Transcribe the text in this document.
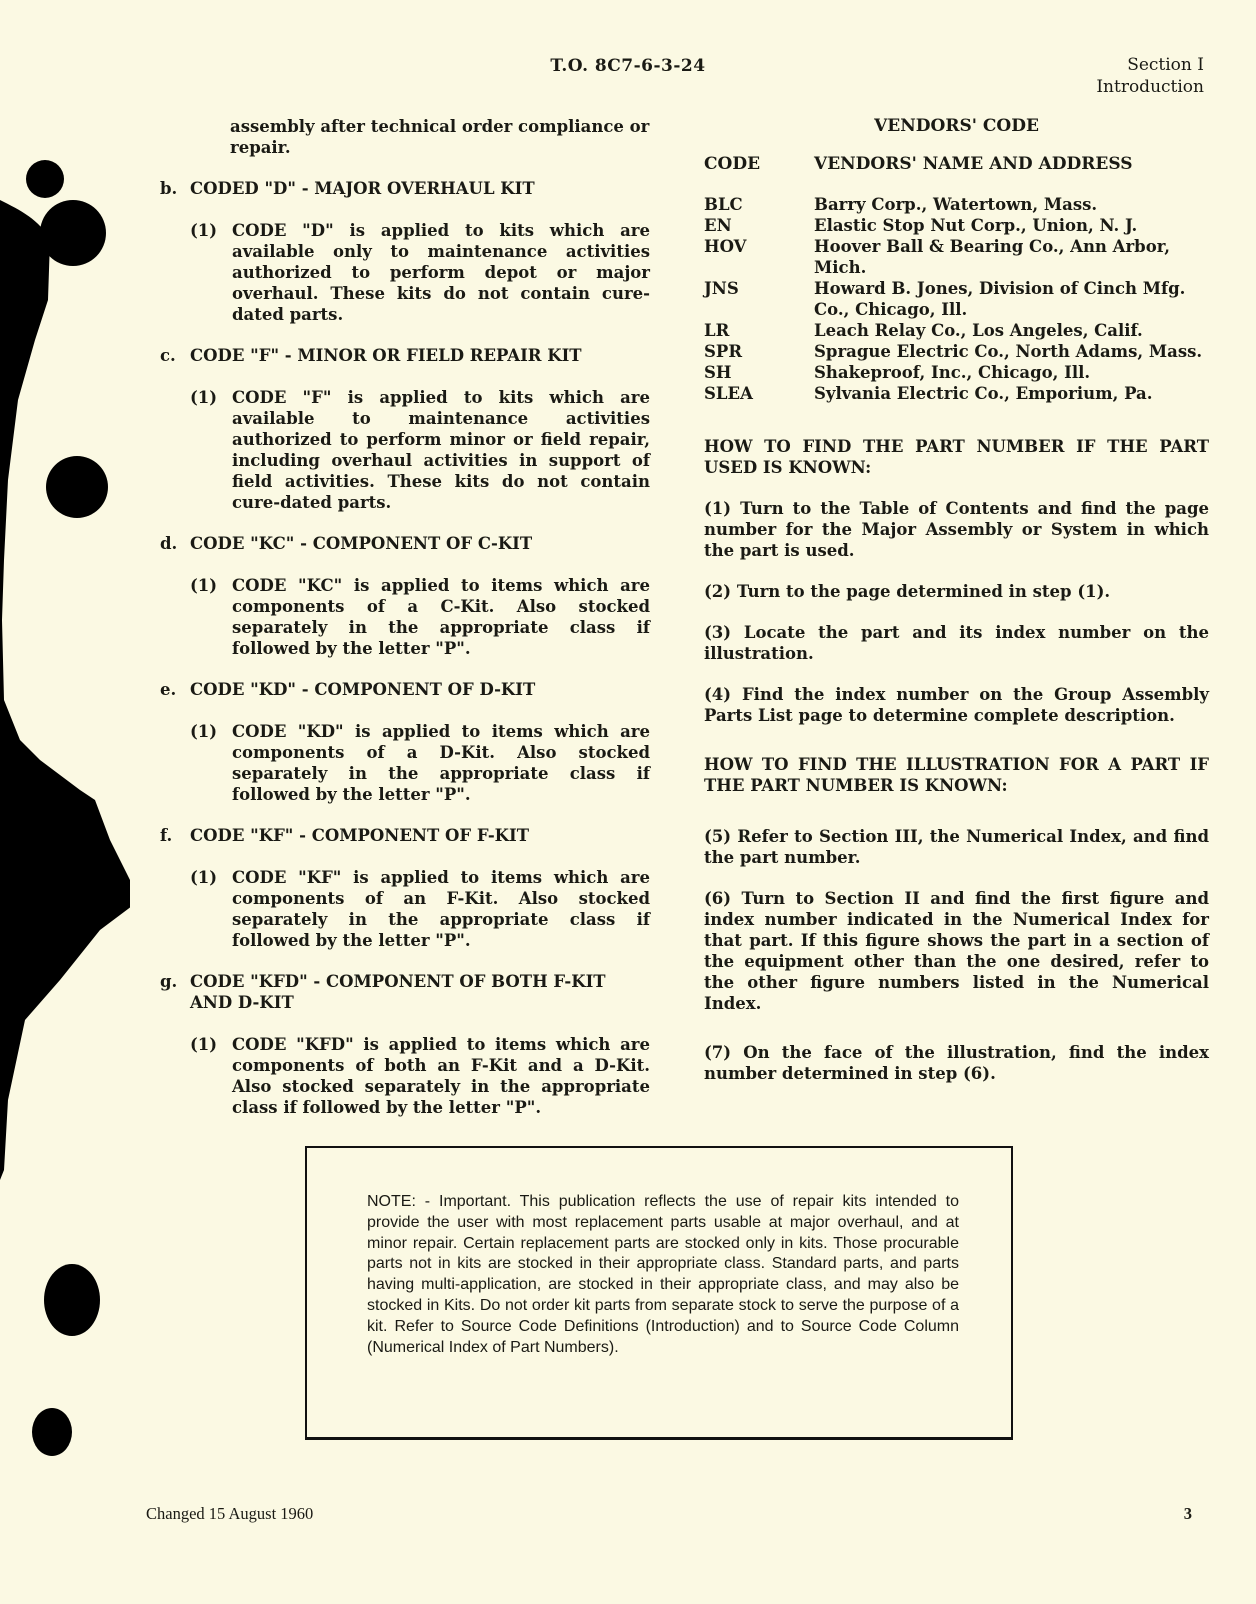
T.O. 8C7-6-3-24	Section I
Introduction
assembly after technical order compliance or repair.
b. CODED "D" - MAJOR OVERHAUL KIT
(1) CODE "D" is applied to kits which are available only to maintenance activities authorized to perform depot or major overhaul. These kits do not contain cure-dated parts.
c. CODE "F" - MINOR OR FIELD REPAIR KIT
(1) CODE "F" is applied to kits which are available to maintenance activities authorized to perform minor or field repair, including overhaul activities in support of field activities. These kits do not contain cure-dated parts.
d. CODE "KC" - COMPONENT OF C-KIT
(1) CODE "KC" is applied to items which are components of a C-Kit. Also stocked separately in the appropriate class if followed by the letter "P".
e. CODE "KD" - COMPONENT OF D-KIT
(1) CODE "KD" is applied to items which are components of a D-Kit. Also stocked separately in the appropriate class if followed by the letter "P".
f.	CODE "KF" - COMPONENT OF F-KIT
(1) CODE "KF" is applied to items which are components of an F-Kit. Also stocked separately in the appropriate class if followed by the letter "P".
g. CODE "KFD" - COMPONENT OF BOTH F-KIT AND D-KIT
(1) CODE "KFD" is applied to items which are components of both an F-Kit and a D-Kit. Also stocked separately in the appropriate class if followed by the letter "P".
VENDORS' CODE
CODE	VENDORS' NAME AND ADDRESS
BLC	Barry Corp., Watertown, Mass.
EN	Elastic Stop Nut Corp., Union, N. J.
HOV	Hoover Ball & Bearing Co., Ann Arbor, Mich.
JNS	Howard B. Jones, Division of Cinch Mfg. Co., Chicago, Ill.
LR	Leach Relay Co., Los Angeles, Calif.
SPR	Sprague Electric Co., North Adams, Mass.
SH	Shakeproof, Inc., Chicago, Ill.
SLEA	Sylvania Electric Co., Emporium, Pa.
HOW TO FIND THE PART NUMBER IF THE PART USED IS KNOWN:
(1) Turn to the Table of Contents and find the page number for the Major Assembly or System in which the part is used.
(2) Turn to the page determined in step (1).
(3) Locate the part and its index number on the illustration.
(4) Find the index number on the Group Assembly Parts List page to determine complete description.
HOW TO FIND THE ILLUSTRATION FOR A PART IF THE PART NUMBER IS KNOWN:
(5) Refer to Section III, the Numerical Index, and find the part number.
(6) Turn to Section II and find the first figure and index number indicated in the Numerical Index for that part. If this figure shows the part in a section of the equipment other than the one desired, refer to the other figure numbers listed in the Numerical Index.
(7) On the face of the illustration, find the index number determined in step (6).
NOTE: - Important. This publication reflects the use of repair kits intended to provide the user with most replacement parts usable at major overhaul, and at minor repair. Certain replacement parts are stocked only in kits. Those procurable parts not in kits are stocked in their appropriate class. Standard parts, and parts having multi-application, are stocked in their appropriate class, and may also be stocked in Kits. Do not order kit parts from separate stock to serve the purpose of a kit. Refer to Source Code Definitions (Introduction) and to Source Code Column (Numerical Index of Part Numbers).
Changed 15 August 1960	3
